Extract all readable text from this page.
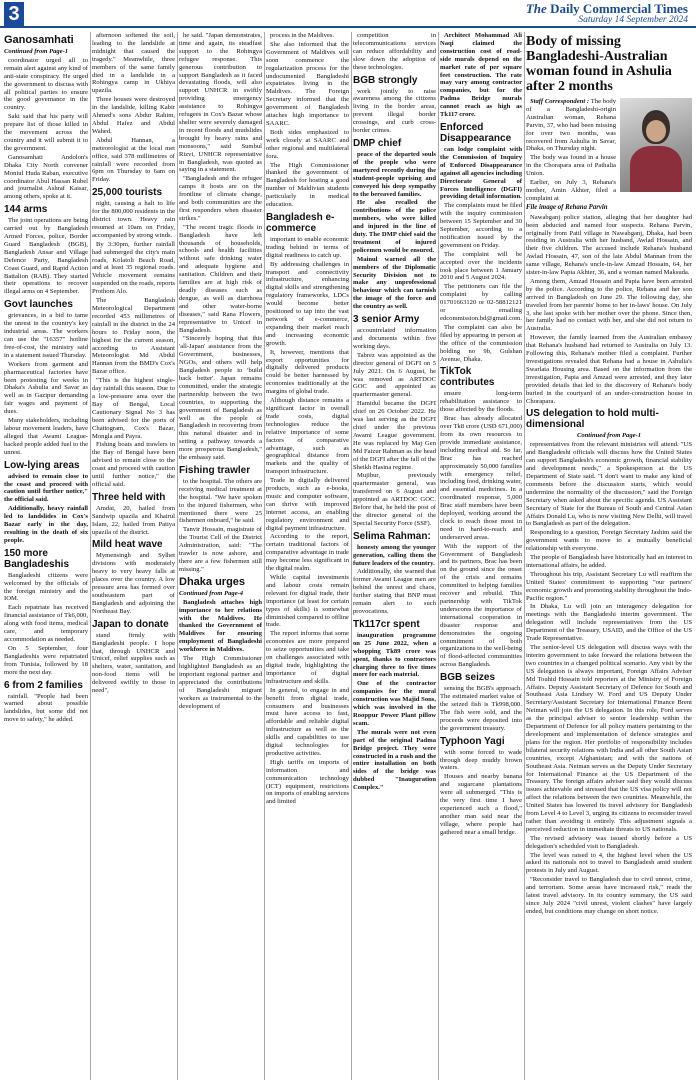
3	The Daily Commercial Times
Saturday 14 September 2024
Ganosamhati
Continued from Page-1

coordinator urged all to remain alert against any kind of anti-state conspiracy. He urged the government to discuss with all political parties to ensure the good governance in the country.

Saki said that his party will prepare list of those killed in the movement across the country and it will submit it to the government.

Ganosamhati Andolon's Dhaka City North convener Moniul Huda Raban, executive coordinator Abul Hassan Rubel and journalist Ashraf Kaisar, among others, spoke at it.

144 arms

The joint operations are being carried out by Bangladesh Armed Forces, police, Border Guard Bangladesh (BGB), Bangladesh Ansar and Village Defence Party, Bangladesh Coast Guard, and Rapid Action Battalion (RAB). They started their operations to recover illegal arms on 4 September.

Govt launches

grievances, in a bid to tame the unrest in the country's key industrial areas. The workers can use the "16357" hotline free-of-cost, the ministry said in a statement issued Thursday.

Workers from garment and pharmaceutical factories have been protesting for weeks in Dhaka's Ashulia and Savar as well as in Gazipur demanding fair wages and payment of dues.

Many stakeholders, including labour movement leaders, have alleged that Awami League-backed people added fuel to the unrest.

Low-lying areas

advised to remain close to the coast and proceed with caution until further notice," the official said.

Additionally, heavy rainfall led to landslides in Cox's Bazar early in the day, resulting in the death of six people.

150 more Bangladeshis

Bangladeshi citizens were welcomed by the officials of the foreign ministry and the IOM.

Each repatriate has received financial assistance of Tk6,000, along with food items, medical care, and temporary accommodation as needed.

On 5 September, four Bangladeshis were repatriated from Tunisia, followed by 18 more the next day.

6 from 2 families

rainfall. "People had been warned about possible landslides, but some did not move to safety," he added.

afternoon softened the soil, leading to the landslide at midnight that caused the tragedy." Meanwhile, three members of the same family died in a landslide in a Rohingya camp in Ukhiya upazila.

Three houses were destroyed in the landslide, killing Kabir Ahmed's sons Abdur Rahim, Abdul Hafez and Abdul Wahed.

Abdul Hannan, a meteorologist at the local met office, said 378 millimetres of rainfall were recorded from 6pm on Thursday to 6am on Friday.

25,000 tourists

night, causing a halt to life for the 800,000 residents in the district town. Heavy rain resumed at 10am on Friday, accompanied by strong winds.

By 3:30pm, further rainfall had submerged the city's main roads, Kolatoli Beach Road, and at least 35 regional roads. Vehicle movement remains suspended on the roads, reports Prothom Alo.

The Bangladesh Meteorological Department recorded 453 millimetres of rainfall in the district in the 24 hours to Friday noon, the highest for the current season, according to Assistant Meteorologist Md Abdul Hannan from the BMD's Cox's Bazar office.

"This is the highest single-day rainfall this season. Due to a low-pressure area over the Bay of Bengal, Local Cautionary Signal No 3 has been advised for the ports of Chattogram, Cox's Bazar, Mongla and Payra.

Fishing boats and trawlers in the Bay of Bengal have been advised to remain close to the coast and proceed with caution until further notice," the official said.

Three held with

Amdai, 20, hailed from Sandwip upazila and Khairul Islam, 22, hailed from Patiya upazila of the district.

Mild heat wave

Mymensingh and Sylhet divisions with moderately heavy to very heavy falls at places over the country. A low pressure area has formed over southeastern part of Bangladesh and adjoining the Northeast Bay.

Japan to donate

stand firmly with Bangladeshi people. I hope that, through UNHCR and Unicef, relief supplies such as shelters, water, sanitation, and non-food items will be delivered swiftly to those in need",

he said. "Japan demonstrates, time and again, its steadfast support to the Rohingya refugee response. This generous contribution to support Bangladesh as it faced devastating floods, will also support UNHCR in swiftly providing emergency assistance to Rohingya refugees in Cox's Bazar whose shelter were severely damaged in recent floods and mudslides brought by heavy rains and monsoons," said Sumbul Rizvi, UNHCR representative in Bangladesh, was quoted as saying in a statement.

"Bangladesh and the refugee camps it hosts are on the frontline of climate change, and both communities are the first responders when disaster strikes."

"The recent tragic floods in Bangladesh have left thousands of households, schools and health facilities without safe drinking water and adequate hygiene and sanitation. Children and their families are at high risk of deadly diseases such as dengue, as well as diarrhoea and other water-borne diseases," said Rana Flowers, representative to Unicef in Bangladesh.

"Sincerely hoping that this 'all-Japan' assistance from the Government, businesses, NGOs, and others will help Bangladesh people to 'build back better'. Japan remains committed, under the strategic partnership between the two countries, to supporting the government of Bangladesh as well as the people of Bangladesh in recovering from this natural disaster and in setting a pathway towards a more prosperous Bangladesh," the embassy said.

Fishing trawler

to the hospital. The others are receiving medical treatment at the hospital. "We have spoken to the injured fishermen, who mentioned there were 25 fishermen onboard," he said.

Tanvir Hossain, magistrate of the Tourist Cell of the District Administration, said: "The trawler is now ashore, and there are a few fishermen still missing."

Dhaka urges
Continued from Page-4

Bangladesh attaches high importance to her relations with the Maldives. He thanked the Government of Maldives for ensuring employment of Bangladeshi workforce in Maldives.

The High Commissioner highlighted Bangladesh as an important regional partner and appreciated the contributions of Bangladeshi migrant workers as instrumental to the development of

process in the Maldives.

She also informed that the Government of Maldives will soon commence the regularization process for the undocumented Bangladeshi expatriates living in the Maldives. The Foreign Secretary informed that the government of Bangladesh attaches high importance to SAARC.

Both sides emphasized to work closely at SAARC and other regional and multilateral fora.

The High Commissioner thanked the government of Bangladesh for hosting a good number of Maldivian students particularly in medical education.

Bangladesh e-commerce

important to enable economic trading behind in terms of digital readiness to catch up.

By addressing challenges in transport and connectivity infrastructure, enhancing digital skills and strengthening regulatory frameworks, LDCs would become better positioned to tap into the vast network of e-commerce, expanding their market reach and increasing economic growth.

It, however, mentions that export opportunities for digitally delivered products could be better harnessed by economies traditionally at the margins of global trade.

Although distance remains a significant factor in overall trade costs, digital technologies reduce the relative importance of some factors of comparative advantage, such as geographical distance from markets and the quality of transport infrastructure.

Trade in digitally delivered products, such as e-books, music and computer software, can thrive with improved internet access, an enabling regulatory environment and digital payment infrastructure.

According to the report, certain traditional factors of comparative advantage in trade may become less significant in the digital realm.

While capital investments and labour costs remain relevant for digital trade, their importance (at least for certain types of skills) is somewhat diminished compared to offline trade.

The report informs that some economies are more prepared to seize opportunities and take on challenges associated with digital trade, highlighting the importance of digital infrastructure and skills.

In general, to engage in and benefit from digital trade, consumers and businesses must have access to fast, affordable and reliable digital infrastructure as well as the skills and capabilities to use digital technologies for productive activities.

High tariffs on imports of information and communication technology (ICT) equipment, restrictions on imports of enabling services and limited

competition in telecommunications services can reduce affordability and slow down the adoption of these technologies.

BGB strongly

work jointly to raise awareness among the citizens living in the border areas, prevent illegal border crossings, and curb cross-border crimes.

DMP chief

peace of the departed souls of the people who were martyred recently during the student-people uprising and conveyed his deep sympathy to the bereaved families.

He also recalled the contributions of the police members, who were killed and injured in the line of duty. The DMP chief said the treatment of injured policemen would be ensured.

Mainul warned all the members of the Diplomatic Security Division not to make any unprofessional behaviour which can tarnish the image of the force and the country as well.

3 senior Army

accountrelated information and documents within five working days.

Tabrez was appointed as the director general of DGFI on 5 July 2021. On 6 August, he was removed as ARTDOC GOC and appointed as quartermaster general.

Hamidul became the DGFI chief on 26 October 2022. He was last serving as the DGFI chief under the previous Awami League government. He was replaced by Maj Gen Md Faizur Rahman as the head of the DGFI after the fall of the Sheikh Hasina regime.

Mujibur, previously quartermaster general, was transferred on 6 August and appointed as ARTDOC GOC. Before that, he held the post of the director general of the Special Security Force (SSF).

Selima Rahman:

honesty among the younger generation, calling them the future leaders of the country.

Additionally, she warned that former Awami League men are behind the unrest and chaos, further stating that BNP must remain alert to such provocations.

Tk117cr spent

inauguration programme on 25 June 2022, when a whopping Tk89 crore was spent, thanks to contractors charging three to five times more for each material.

One of the contractor companies for the mural construction was Majid Sons, which was involved in the Rooppur Power Plant pillow scam.

The murals were not even part of the original Padma Bridge project. They were constructed in a rush and the entire installation on both sides of the bridge was dubbed "Inauguration Complex."

Architect Mohammad Ali Naqi claimed the construction cost of road-side murals depend on the market rate of per square feet construction. The rate may vary among contractor companies, but for the Padma Bridge murals cannot reach as high as Tk117 crore.

Enforced Disappearance

can lodge complaint with the Commission of Inquiry of Enforced Disappearance against all agencies including Directorate General of Forces Intelligence (DGFI) providing detail information.

The complaints must be filed with the inquiry commission between 15 September and 30 September, according to a notification issued by the government on Friday.

The complaint will be accepted over the incidents took place between 1 January 2010 and 5 August 2024.

The petitioners can file the complaint by calling 01701663120 or 02-58812121 or emailing edcommission.bd@gmail.com.

The complaint can also be filed by appearing in person at the office of the commission holding no 9b, Gulshan Avenue, Dhaka.

TikTok contributes

ensure long-term rehabilitation assistance to those affected by the floods.

Brac has already allocated over Tk8 crore (USD 671,000) from its own resources to provide immediate assistance, including medical aid. So far, Brac has reached approximately 50,000 families with emergency relief, including food, drinking water, and essential medicines. In a coordinated response, 5,000 Brac staff members have been deployed, working around the clock to reach those most in need in hard-to-reach and underserved areas.

With the support of the Government of Bangladesh and its partners, Brac has been on the ground since the onset of the crisis and remains committed to helping families recover and rebuild. This partnership with TikTok underscores the importance of international cooperation in disaster response and demonstrates the ongoing commitment of both organizations to the well-being of flood-affected communities across Bangladesh.

BGB seizes

sensing the BGB's approach. The estimated market value of the seized fish is Tk998,000. The fish were sold, and the proceeds were deposited into the government treasury.

Typhoon Yagi

with some forced to wade through deep muddy brown waters.

Houses and nearby banana and sugarcane plantations were all submerged. "This is the very first time I have experienced such a flood," another man said near the village, where people had gathered near a small bridge.

Body of missing Bangladeshi-Australian woman found in Ashulia after 2 months

Staff Correspondent : The body of a Bangladeshi-origin Australian woman, Rehana Parvin, 37, who had been missing for over two months, was recovered from Ashulia in Savar, Dhaka, on Thursday night.

The body was found in a house in the Chorapara area of Pathalia Union.

Earlier, on July 3, Rehana's mother, Amin Akhter, filed a complaint at

File image of Rehana Parvin

Nawabganj police station, alleging that her daughter had been abducted and named four suspects. Rehana Parvin, originally from Patil village in Nawabganj, Dhaka, had been residing in Australia with her husband, Awlad Hossain, and their five children. The accused include Rehana's husband Awlad Hossain, 47, son of the late Abdul Mannan from the same village, Rehana's uncle-in-law Amzad Hossain, 64, her sister-in-law Papia Akhter, 36, and a woman named Maksuda.

Among them, Amzad Hossain and Papia have been arrested by the police. According to the police, Rehana and her son arrived in Bangladesh on June 29. The following day, she traveled from her parents' home to her in-laws' house. On July 3, she last spoke with her mother over the phone. Since then, her family had no contact with her, and she did not return to Australia.

However, the family learned from the Australian embassy that Rehana's husband had returned to Australia on July 13. Following this, Rehana's mother filed a complaint. Further investigations revealed that Rehana had a house in Ashulia's Swarlata Housing area. Based on the information from the investigation, Papia and Amzad were arrested, and they later provided details that led to the discovery of Rehana's body buried in the courtyard of an under-construction house in Chorapara.

US delegation to hold multi-dimensional
Continued from Page-1

representatives from the relevant ministries will attend. "US and Bangladeshi officials will discuss how the United States can support Bangladesh's economic growth, financial stability and development needs," a Spokesperson at the US Department of State said. "I don't want to make any kind of comments before the discussion starts, which would undermine the normality of the discussion," said the Foreign Secretary when asked about the specific agenda. US Assistant Secretary of State for the Bureau of South and Central Asian Affairs Donald Lu, who is now visiting New Delhi, will travel to Bangladesh as part of the delegation.

Responding to a question, Foreign Secretary Jashim said the government wants to move to a mutually beneficial relationship with everyone.

The people of Bangladesh have historically had an interest in international affairs, he added.

Throughout his trip, Assistant Secretary Lu will reaffirm the United States' commitment to supporting "our partners' economic growth and promoting stability throughout the Indo-Pacific region."

In Dhaka, Lu will join an interagency delegation for meetings with the Bangladeshi interim government. The delegation will include representatives from the US Department of the Treasury, USAID, and the Office of the US Trade Representative.

The senior-level US delegation will discuss ways with the interim government to take forward the relations between the two countries in a changed political scenario. Any visit by the US delegation is always important, Foreign Affairs Adviser Md Touhid Hossain told reporters at the Ministry of Foreign Affairs. Deputy Assistant Secretary of Defence for South and Southeast Asia Lindsey W. Ford and US Deputy Under Secretary/Assistant Secretary for International Finance Brent Neiman will join the US delegation. In this role, Ford serves as the principal adviser to senior leadership within the Department of Defence for all policy matters pertaining to the development and implementation of defence strategies and plans for the region. Her portfolio of responsibility includes bilateral security relations with India and all other South Asian countries, except Afghanistan; and with the nations of Southeast Asia. Neiman serves as the Deputy Under Secretary for International Finance at the US Department of the Treasury. The foreign affairs adviser said they would discuss issues achievable and stressed that the US visa policy will not affect the relations between the two countries. Meanwhile, the United States has lowered its travel advisory for Bangladesh from Level 4 to Level 3, urging its citizens to reconsider travel rather than avoiding it entirely. This adjustment signals a perceived reduction in immediate threats to US nationals.

The revised advisory was issued shortly before a US delegation's scheduled visit to Bangladesh.

The level was raised to 4, the highest level when the US asked its nationals not to travel to Bangladesh amid student protests in July and August.

"Reconsider travel to Bangladesh due to civil unrest, crime, and terrorism. Some areas have increased risk," reads the latest travel advisory. In its country summary, the US said since July 2024 "civil unrest, violent clashes" have largely ended, but conditions may change on short notice.
